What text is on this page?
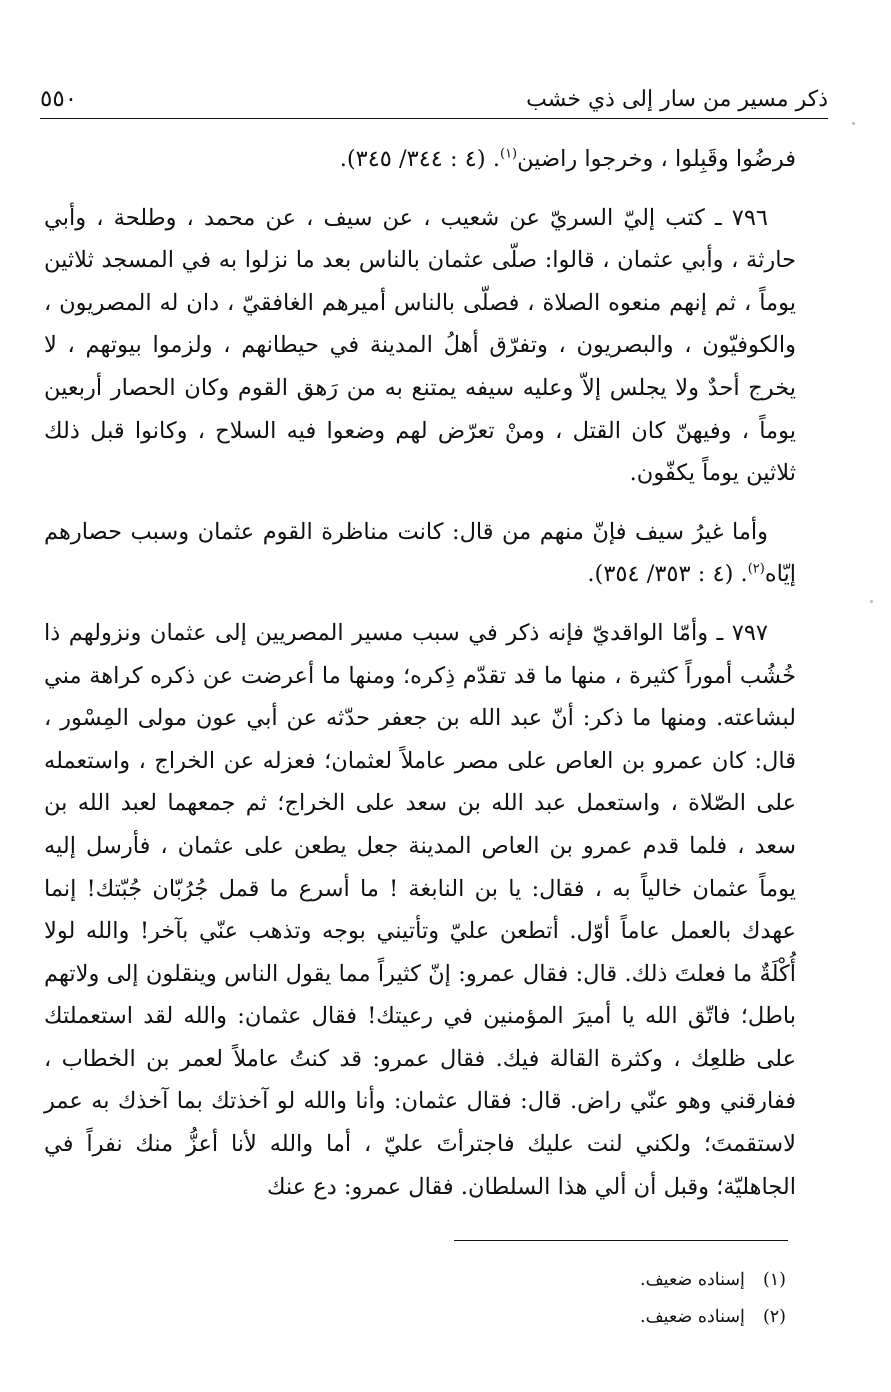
ذكر مسير من سار إلى ذي خشب
٥٥٠

فرضُوا وقَبِلوا ، وخرجوا راضين$^{(١)}$. (٤ : ٣٤٤/ ٣٤٥).

٧٩٦ ـ كتب إليّ السريّ عن شعيب ، عن سيف ، عن محمد ، وطلحة ، وأبي حارثة ، وأبي عثمان ، قالوا: صلّى عثمان بالناس بعد ما نزلوا به في المسجد ثلاثين يوماً ، ثم إنهم منعوه الصلاة ، فصلّى بالناس أميرهم الغافقيّ ، دان له المصريون ، والكوفيّون ، والبصريون ، وتفرّق أهلُ المدينة في حيطانهم ، ولزموا بيوتهم ، لا يخرج أحدٌ ولا يجلس إلاّ وعليه سيفه يمتنع به من رَهق القوم وكان الحصار أربعين يوماً ، وفيهنّ كان القتل ، ومنْ تعرّض لهم وضعوا فيه السلاح ، وكانوا قبل ذلك ثلاثين يوماً يكفّون.

وأما غيرُ سيف فإنّ منهم من قال: كانت مناظرة القوم عثمان وسبب حصارهم إيّاه$^{(٢)}$. (٤ : ٣٥٣/ ٣٥٤).

٧٩٧ ـ وأمّا الواقديّ فإنه ذكر في سبب مسير المصريين إلى عثمان ونزولهم ذا خُشُب أموراً كثيرة ، منها ما قد تقدّم ذِكره؛ ومنها ما أعرضت عن ذكره كراهة مني لبشاعته. ومنها ما ذكر: أنّ عبد الله بن جعفر حدّثه عن أبي عون مولى المِسْور ، قال: كان عمرو بن العاص على مصر عاملاً لعثمان؛ فعزله عن الخراج ، واستعمله على الصّلاة ، واستعمل عبد الله بن سعد على الخراج؛ ثم جمعهما لعبد الله بن سعد ، فلما قدم عمرو بن العاص المدينة جعل يطعن على عثمان ، فأرسل إليه يوماً عثمان خالياً به ، فقال: يا بن النابغة ! ما أسرع ما قمل جُرُبّان جُبّتك! إنما عهدك بالعمل عاماً أوّل. أتطعن عليّ وتأتيني بوجه وتذهب عنّي بآخر! والله لولا أُكْلَةٌ ما فعلتَ ذلك. قال: فقال عمرو: إنّ كثيراً مما يقول الناس وينقلون إلى ولاتهم باطل؛ فاتّق الله يا أميرَ المؤمنين في رعيتك! فقال عثمان: والله لقد استعملتك على ظلعِك ، وكثرة القالة فيك. فقال عمرو: قد كنتُ عاملاً لعمر بن الخطاب ، ففارقني وهو عنّي راض. قال: فقال عثمان: وأنا والله لو آخذتك بما آخذك به عمر لاستقمتَ؛ ولكني لنت عليك فاجترأتَ عليّ ، أما والله لأنا أعزُّ منك نفراً في الجاهليّة؛ وقبل أن ألي هذا السلطان. فقال عمرو: دع عنك

(١)
إسناده ضعيف.
(٢)
إسناده ضعيف.
